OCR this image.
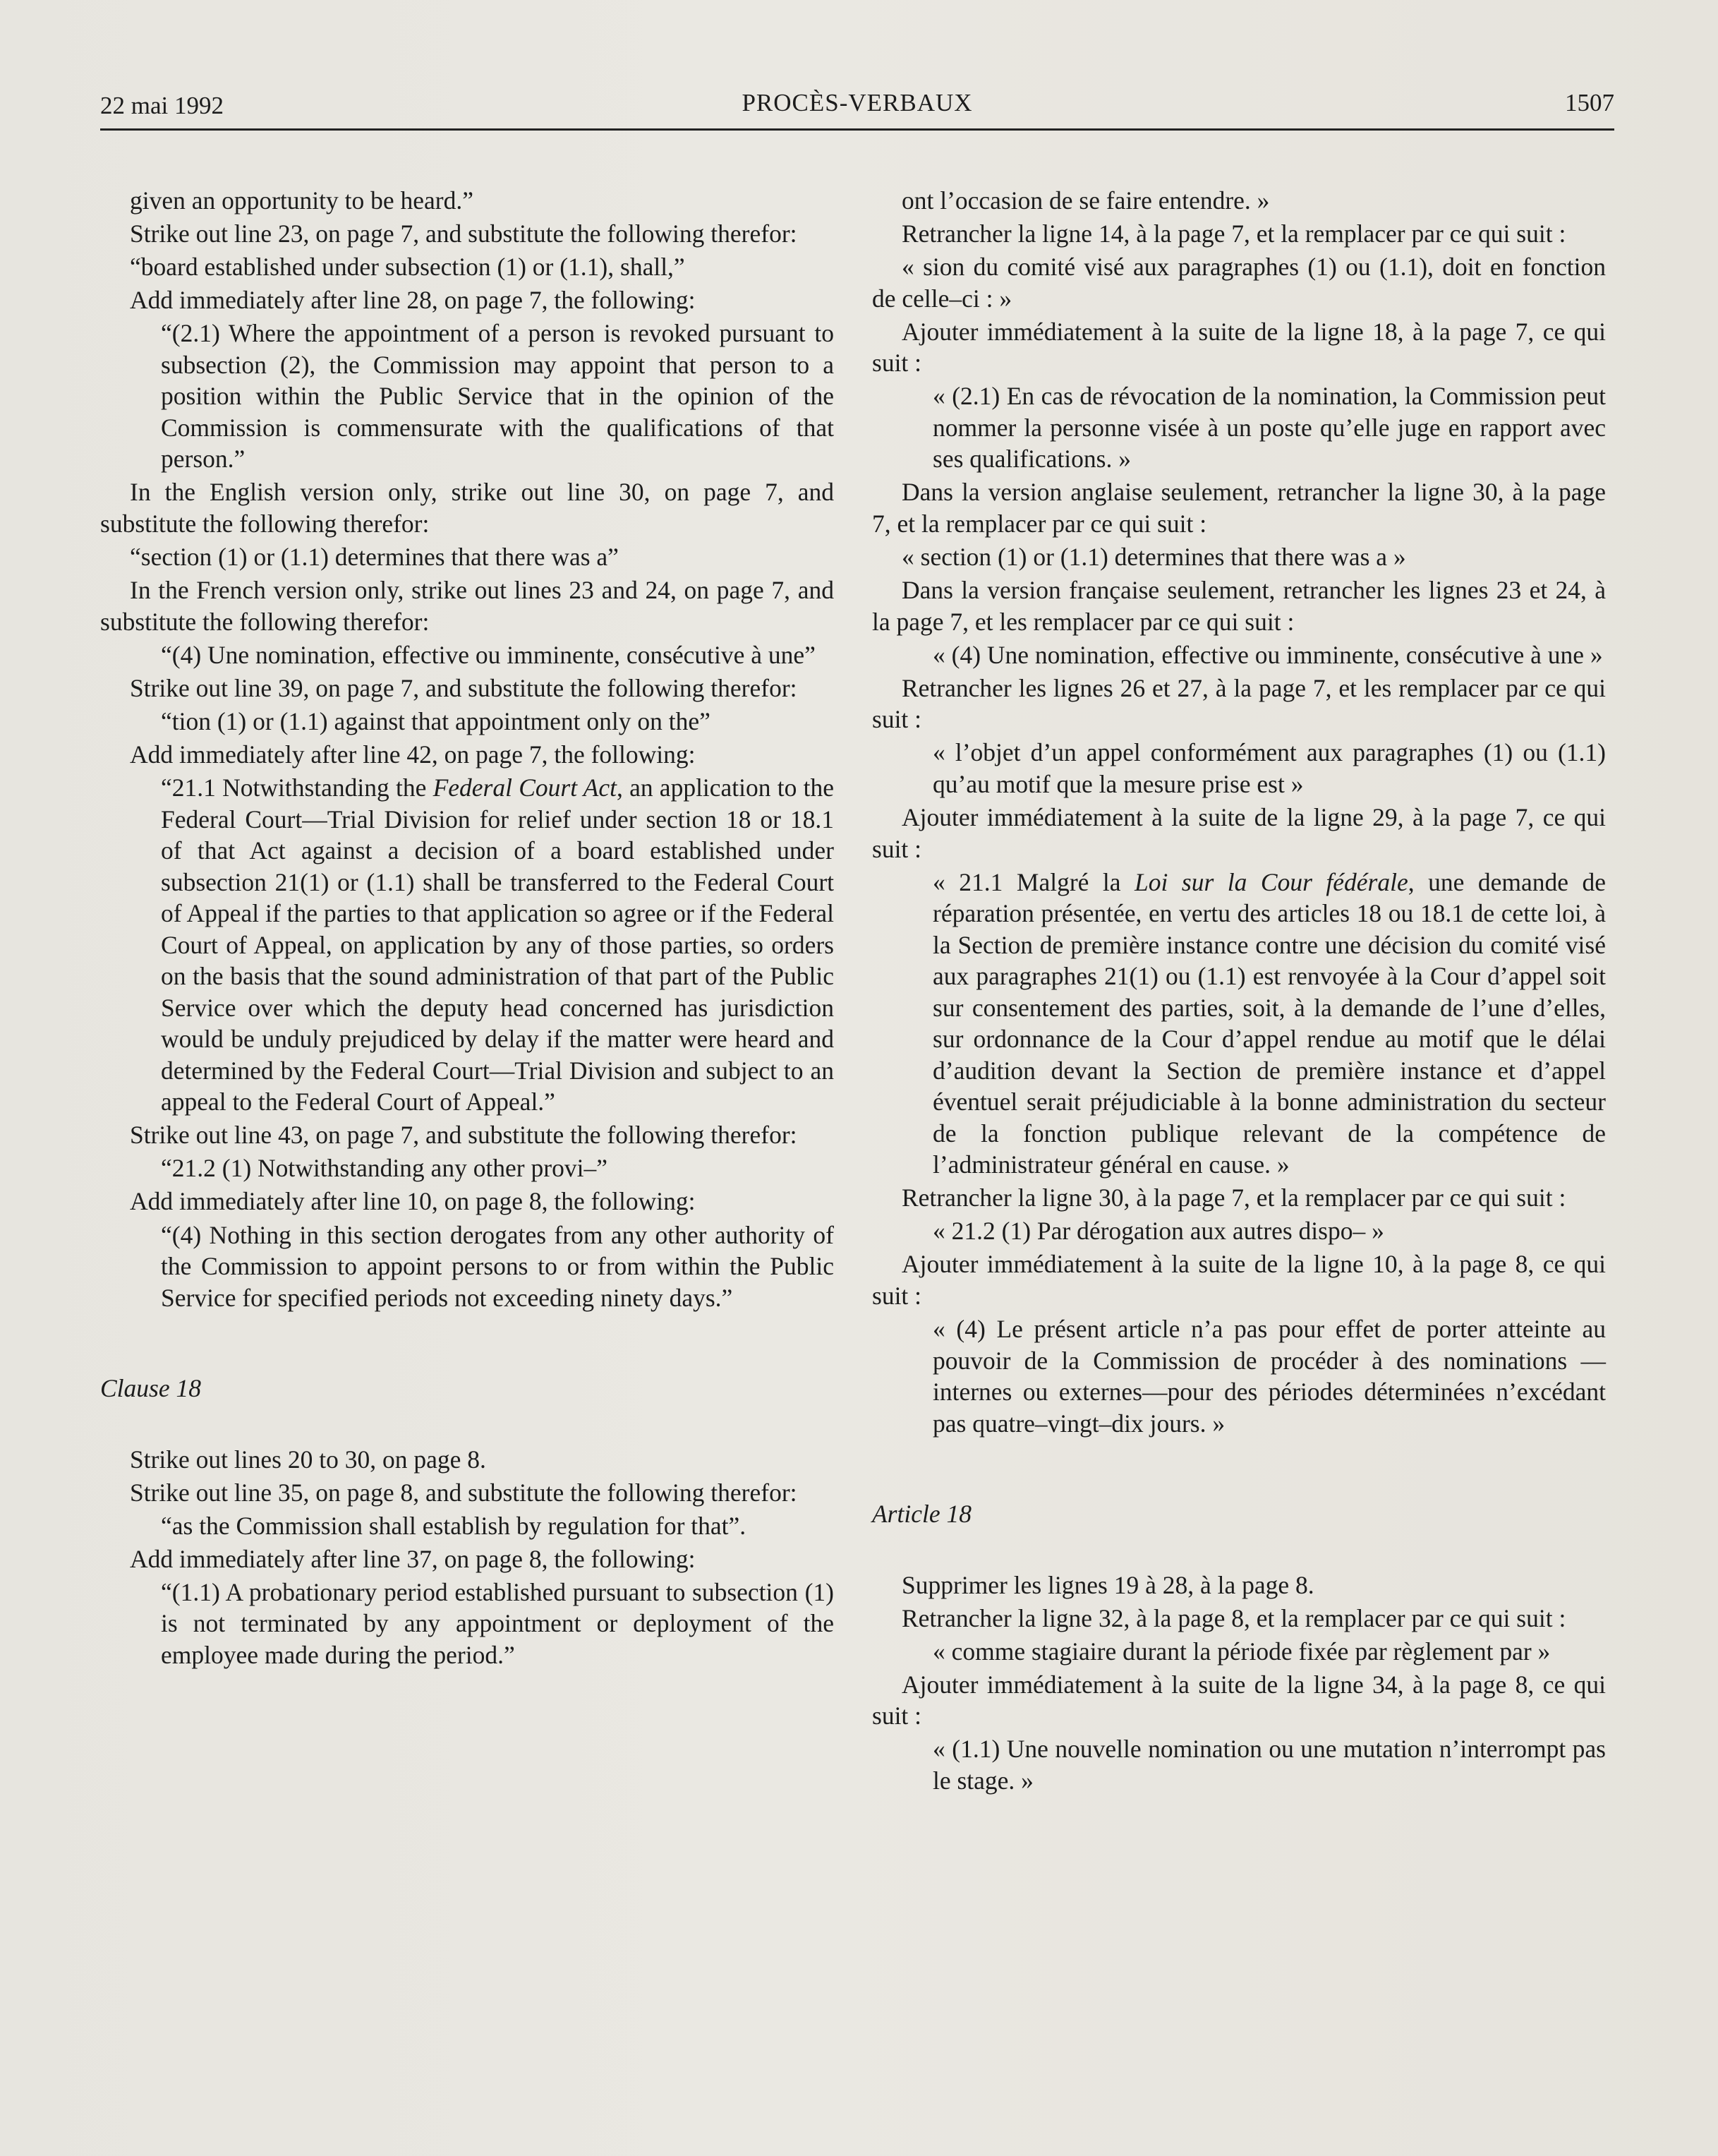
22 mai 1992	PROCÈS-VERBAUX	1507

given an opportunity to be heard.”

Strike out line 23, on page 7, and substitute the following therefor:

“board established under subsection (1) or (1.1), shall,”

Add immediately after line 28, on page 7, the following:

“(2.1) Where the appointment of a person is revoked pursuant to subsection (2), the Commission may appoint that person to a position within the Public Service that in the opinion of the Commission is commensurate with the qualifications of that person.”

In the English version only, strike out line 30, on page 7, and substitute the following therefor:

“section (1) or (1.1) determines that there was a”

In the French version only, strike out lines 23 and 24, on page 7, and substitute the following therefor:

“(4) Une nomination, effective ou imminente, consécutive à une”

Strike out line 39, on page 7, and substitute the following therefor:

“tion (1) or (1.1) against that appointment only on the”

Add immediately after line 42, on page 7, the following:

“21.1 Notwithstanding the Federal Court Act, an application to the Federal Court—Trial Division for relief under section 18 or 18.1 of that Act against a decision of a board established under subsection 21(1) or (1.1) shall be transferred to the Federal Court of Appeal if the parties to that application so agree or if the Federal Court of Appeal, on application by any of those parties, so orders on the basis that the sound administration of that part of the Public Service over which the deputy head concerned has jurisdiction would be unduly prejudiced by delay if the matter were heard and determined by the Federal Court—Trial Division and subject to an appeal to the Federal Court of Appeal.”

Strike out line 43, on page 7, and substitute the following therefor:

“21.2 (1) Notwithstanding any other provi–”

Add immediately after line 10, on page 8, the following:

“(4) Nothing in this section derogates from any other authority of the Commission to appoint persons to or from within the Public Service for specified periods not exceeding ninety days.”

Clause 18

Strike out lines 20 to 30, on page 8.

Strike out line 35, on page 8, and substitute the following therefor:

“as the Commission shall establish by regulation for that”.

Add immediately after line 37, on page 8, the following:

“(1.1) A probationary period established pursuant to subsection (1) is not terminated by any appointment or deployment of the employee made during the period.”

ont l’occasion de se faire entendre. »

Retrancher la ligne 14, à la page 7, et la remplacer par ce qui suit :

« sion du comité visé aux paragraphes (1) ou (1.1), doit en fonction de celle–ci : »

Ajouter immédiatement à la suite de la ligne 18, à la page 7, ce qui suit :

« (2.1) En cas de révocation de la nomination, la Commission peut nommer la personne visée à un poste qu’elle juge en rapport avec ses qualifications. »

Dans la version anglaise seulement, retrancher la ligne 30, à la page 7, et la remplacer par ce qui suit :

« section (1) or (1.1) determines that there was a »

Dans la version française seulement, retrancher les lignes 23 et 24, à la page 7, et les remplacer par ce qui suit :

« (4) Une nomination, effective ou imminente, consécutive à une »

Retrancher les lignes 26 et 27, à la page 7, et les remplacer par ce qui suit :

« l’objet d’un appel conformément aux paragraphes (1) ou (1.1) qu’au motif que la mesure prise est »

Ajouter immédiatement à la suite de la ligne 29, à la page 7, ce qui suit :

« 21.1 Malgré la Loi sur la Cour fédérale, une demande de réparation présentée, en vertu des articles 18 ou 18.1 de cette loi, à la Section de première instance contre une décision du comité visé aux paragraphes 21(1) ou (1.1) est renvoyée à la Cour d’appel soit sur consentement des parties, soit, à la demande de l’une d’elles, sur ordonnance de la Cour d’appel rendue au motif que le délai d’audition devant la Section de première instance et d’appel éventuel serait préjudiciable à la bonne administration du secteur de la fonction publique relevant de la compétence de l’administrateur général en cause. »

Retrancher la ligne 30, à la page 7, et la remplacer par ce qui suit :

« 21.2 (1) Par dérogation aux autres dispo– »

Ajouter immédiatement à la suite de la ligne 10, à la page 8, ce qui suit :

« (4) Le présent article n’a pas pour effet de porter atteinte au pouvoir de la Commission de procéder à des nominations —internes ou externes—pour des périodes déterminées n’excédant pas quatre–vingt–dix jours. »

Article 18

Supprimer les lignes 19 à 28, à la page 8.

Retrancher la ligne 32, à la page 8, et la remplacer par ce qui suit :

« comme stagiaire durant la période fixée par règlement par »

Ajouter immédiatement à la suite de la ligne 34, à la page 8, ce qui suit :

« (1.1) Une nouvelle nomination ou une mutation n’interrompt pas le stage. »
